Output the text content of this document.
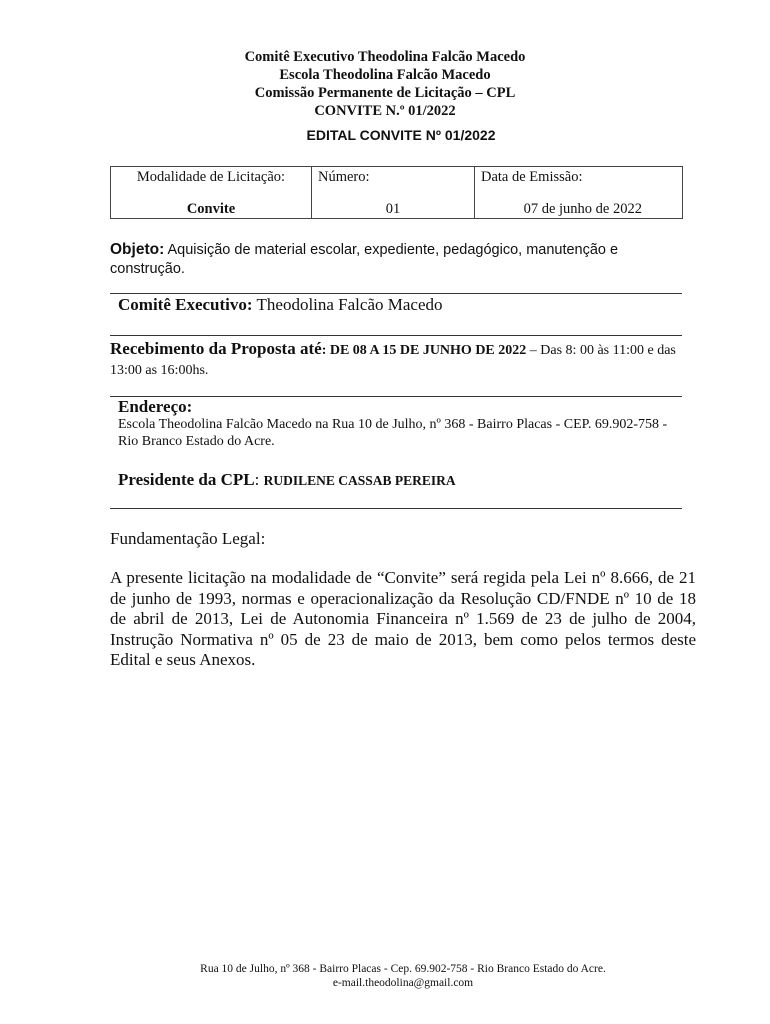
Comitê Executivo Theodolina Falcão Macedo
Escola Theodolina Falcão Macedo
Comissão Permanente de Licitação – CPL
CONVITE N.º 01/2022
EDITAL CONVITE Nº 01/2022
Modalidade de Licitação:
Convite

Número:
01

Data de Emissão:
07 de junho de 2022
Objeto: Aquisição de material escolar, expediente, pedagógico, manutenção e construção.
Comitê Executivo: Theodolina Falcão Macedo
Recebimento da Proposta até: DE 08 A 15 DE JUNHO DE 2022 – Das 8: 00 às 11:00 e das 13:00 as 16:00hs.
Endereço:
Escola Theodolina Falcão Macedo na Rua 10 de Julho, nº 368 - Bairro Placas - CEP. 69.902-758 - Rio Branco Estado do Acre.
Presidente da CPL: RUDILENE CASSAB PEREIRA
Fundamentação Legal:
A presente licitação na modalidade de “Convite” será regida pela Lei nº 8.666, de 21 de junho de 1993, normas e operacionalização da Resolução CD/FNDE nº 10 de 18 de abril de 2013, Lei de Autonomia Financeira nº 1.569 de 23 de julho de 2004, Instrução Normativa nº 05 de 23 de maio de 2013, bem como pelos termos deste Edital e seus Anexos.
Rua 10 de Julho, nº 368 - Bairro Placas - Cep. 69.902-758 - Rio Branco Estado do Acre.
e-mail.theodolina@gmail.com
